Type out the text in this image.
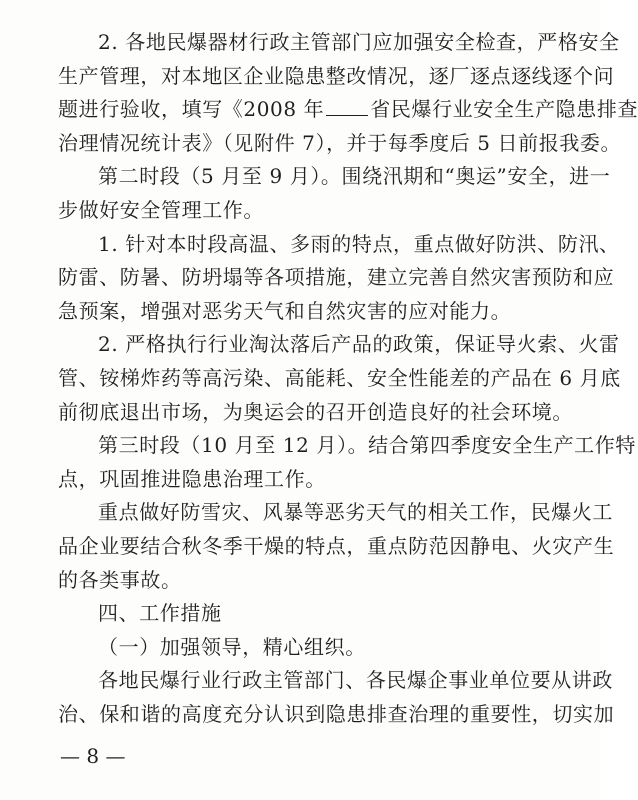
2. 各地民爆器材行政主管部门应加强安全检查，严格安全
生产管理，对本地区企业隐患整改情况，逐厂逐点逐线逐个问
题进行验收，填写《2008 年 省民爆行业安全生产隐患排查
治理情况统计表》（见附件 7），并于每季度后 5 日前报我委。
第二时段（5 月至 9 月）。围绕汛期和“奥运”安全，进一
步做好安全管理工作。
1. 针对本时段高温、多雨的特点，重点做好防洪、防汛、
防雷、防暑、防坍塌等各项措施，建立完善自然灾害预防和应
急预案，增强对恶劣天气和自然灾害的应对能力。
2. 严格执行行业淘汰落后产品的政策，保证导火索、火雷
管、铵梯炸药等高污染、高能耗、安全性能差的产品在 6 月底
前彻底退出市场，为奥运会的召开创造良好的社会环境。
第三时段（10 月至 12 月）。结合第四季度安全生产工作特
点，巩固推进隐患治理工作。
重点做好防雪灾、风暴等恶劣天气的相关工作，民爆火工
品企业要结合秋冬季干燥的特点，重点防范因静电、火灾产生
的各类事故。
四、工作措施
（一）加强领导，精心组织。
各地民爆行业行政主管部门、各民爆企事业单位要从讲政
治、保和谐的高度充分认识到隐患排查治理的重要性，切实加
— 8 —
